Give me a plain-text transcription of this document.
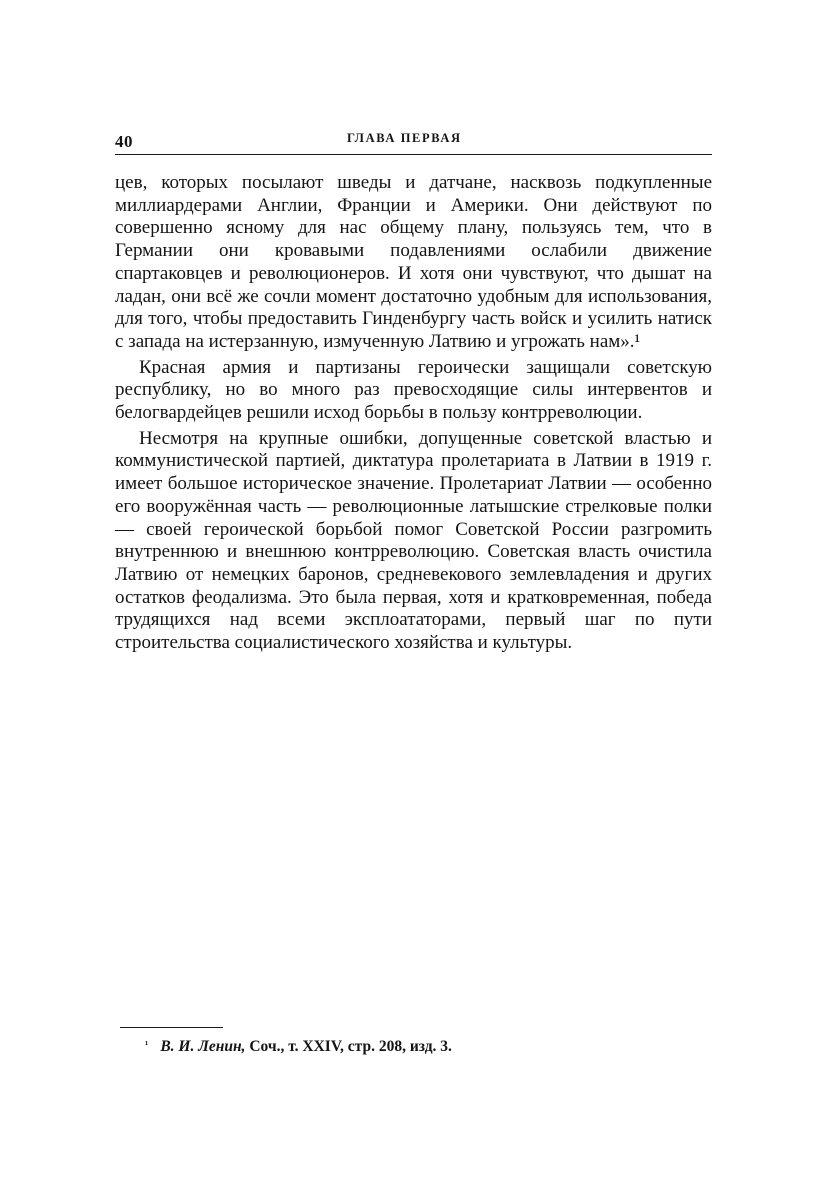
40	ГЛАВА ПЕРВАЯ

цев, которых посылают шведы и датчане, насквозь подкупленные миллиардерами Англии, Франции и Америки. Они действуют по совершенно ясному для нас общему плану, пользуясь тем, что в Германии они кровавыми подавлениями ослабили движение спартаковцев и революционеров. И хотя они чувствуют, что дышат на ладан, они всё же сочли момент достаточно удобным для использования, для того, чтобы предоставить Гинденбургу часть войск и усилить натиск с запада на истерзанную, измученную Латвию и угрожать нам».¹

Красная армия и партизаны героически защищали советскую республику, но во много раз превосходящие силы интервентов и белогвардейцев решили исход борьбы в пользу контрреволюции.

Несмотря на крупные ошибки, допущенные советской властью и коммунистической партией, диктатура пролетариата в Латвии в 1919 г. имеет большое историческое значение. Пролетариат Латвии — особенно его вооружённая часть — революционные латышские стрелковые полки — своей героической борьбой помог Советской России разгромить внутреннюю и внешнюю контрреволюцию. Советская власть очистила Латвию от немецких баронов, средневекового землевладения и других остатков феодализма. Это была первая, хотя и кратковременная, победа трудящихся над всеми эксплоататорами, первый шаг по пути строительства социалистического хозяйства и культуры.

¹ В. И. Ленин, Соч., т. XXIV, стр. 208, изд. 3.
